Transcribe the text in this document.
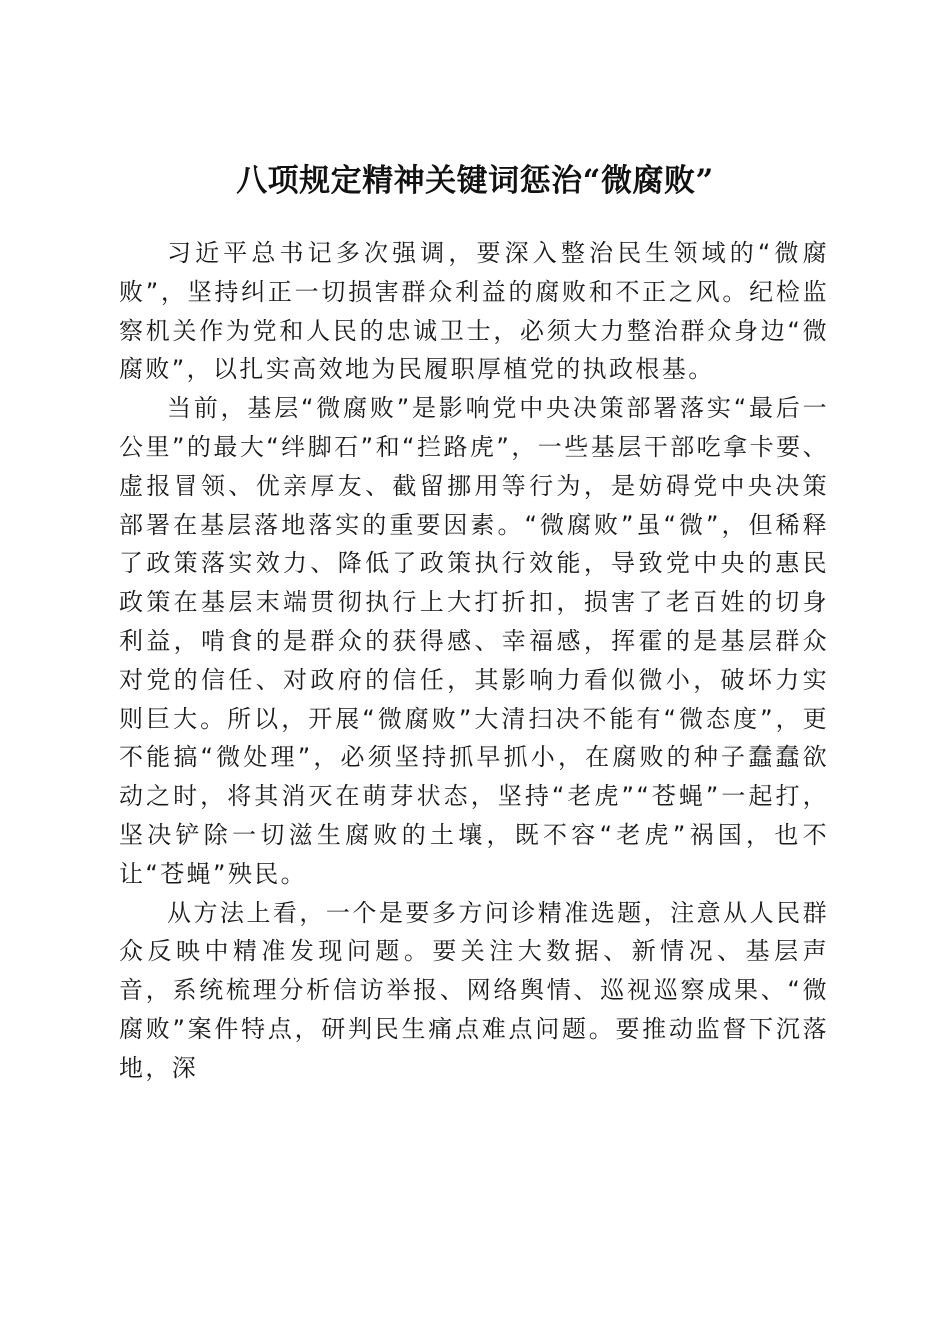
八项规定精神关键词惩治“微腐败”

习近平总书记多次强调，要深入整治民生领域的“微腐败”，坚持纠正一切损害群众利益的腐败和不正之风。纪检监察机关作为党和人民的忠诚卫士，必须大力整治群众身边“微腐败”，以扎实高效地为民履职厚植党的执政根基。

当前，基层“微腐败”是影响党中央决策部署落实“最后一公里”的最大“绊脚石”和“拦路虎”，一些基层干部吃拿卡要、虚报冒领、优亲厚友、截留挪用等行为，是妨碍党中央决策部署在基层落地落实的重要因素。“微腐败”虽“微”，但稀释了政策落实效力、降低了政策执行效能，导致党中央的惠民政策在基层末端贯彻执行上大打折扣，损害了老百姓的切身利益，啃食的是群众的获得感、幸福感，挥霍的是基层群众对党的信任、对政府的信任，其影响力看似微小，破坏力实则巨大。所以，开展“微腐败”大清扫决不能有“微态度”，更不能搞“微处理”，必须坚持抓早抓小，在腐败的种子蠢蠢欲动之时，将其消灭在萌芽状态，坚持“老虎”“苍蝇”一起打，坚决铲除一切滋生腐败的土壤，既不容“老虎”祸国，也不让“苍蝇”殃民。

从方法上看，一个是要多方问诊精准选题，注意从人民群众反映中精准发现问题。要关注大数据、新情况、基层声音，系统梳理分析信访举报、网络舆情、巡视巡察成果、“微腐败”案件特点，研判民生痛点难点问题。要推动监督下沉落地，深
